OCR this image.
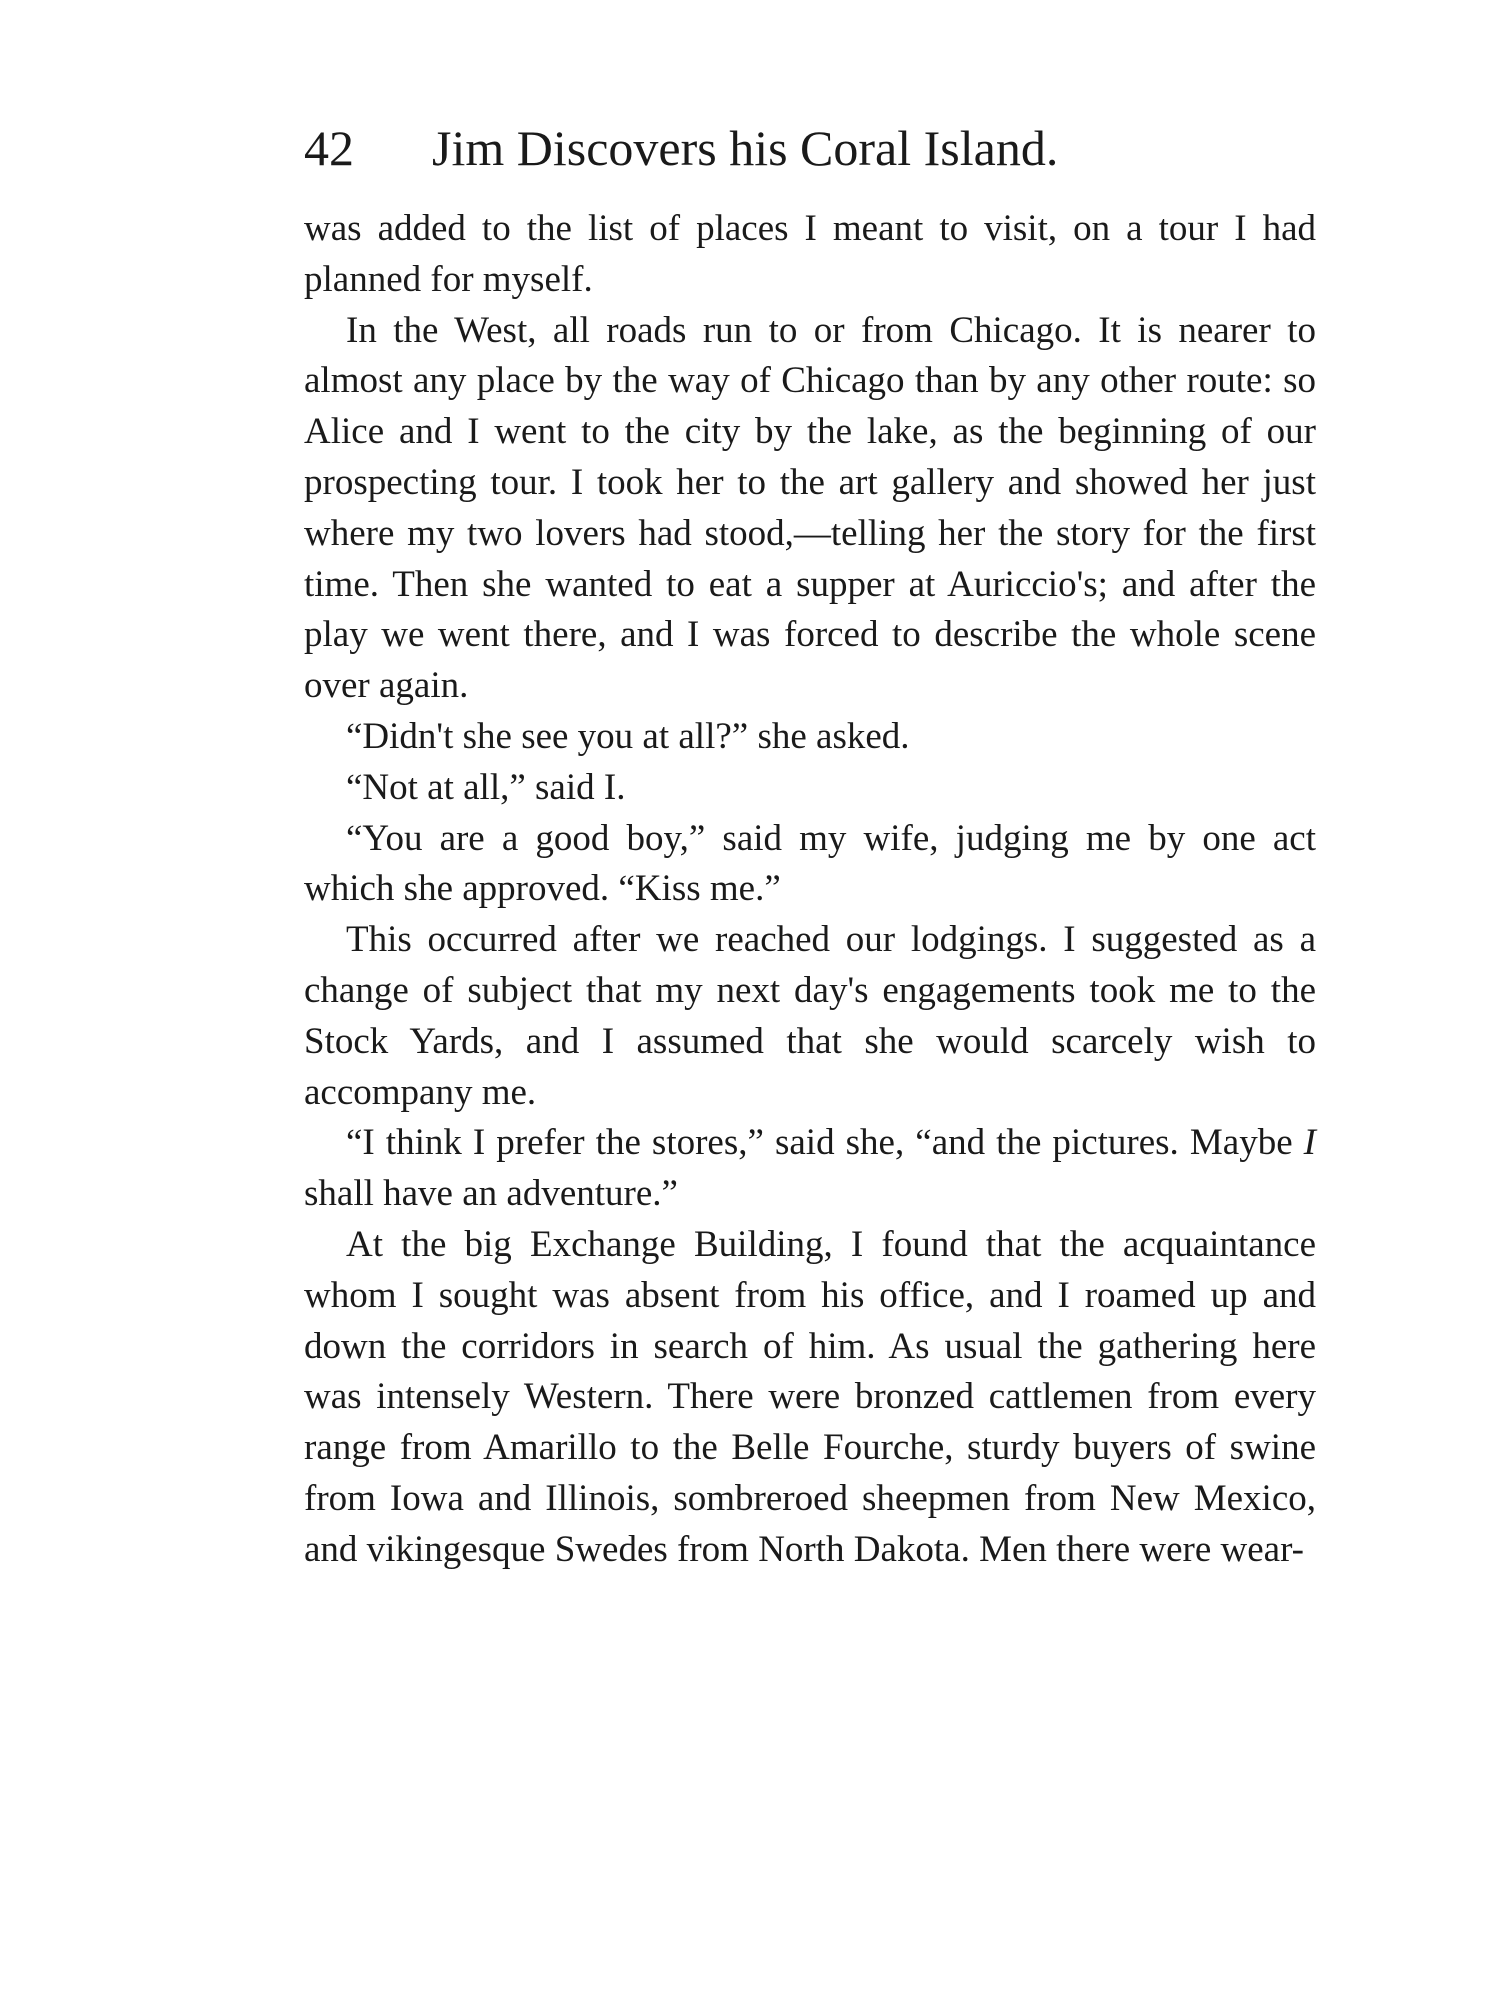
42 Jim Discovers his Coral Island.

was added to the list of places I meant to visit, on a tour I had planned for myself.

In the West, all roads run to or from Chicago. It is nearer to almost any place by the way of Chicago than by any other route: so Alice and I went to the city by the lake, as the beginning of our prospecting tour. I took her to the art gallery and showed her just where my two lovers had stood,—telling her the story for the first time. Then she wanted to eat a supper at Auriccio's; and after the play we went there, and I was forced to describe the whole scene over again.

“Didn't she see you at all?” she asked.

“Not at all,” said I.

“You are a good boy,” said my wife, judging me by one act which she approved. “Kiss me.”

This occurred after we reached our lodgings. I suggested as a change of subject that my next day's engagements took me to the Stock Yards, and I assumed that she would scarcely wish to accompany me.

“I think I prefer the stores,” said she, “and the pictures. Maybe I shall have an adventure.”

At the big Exchange Building, I found that the acquaintance whom I sought was absent from his office, and I roamed up and down the corridors in search of him. As usual the gathering here was intensely Western. There were bronzed cattlemen from every range from Amarillo to the Belle Fourche, sturdy buyers of swine from Iowa and Illinois, sombreroed sheepmen from New Mexico, and vikingesque Swedes from North Dakota. Men there were wear-
